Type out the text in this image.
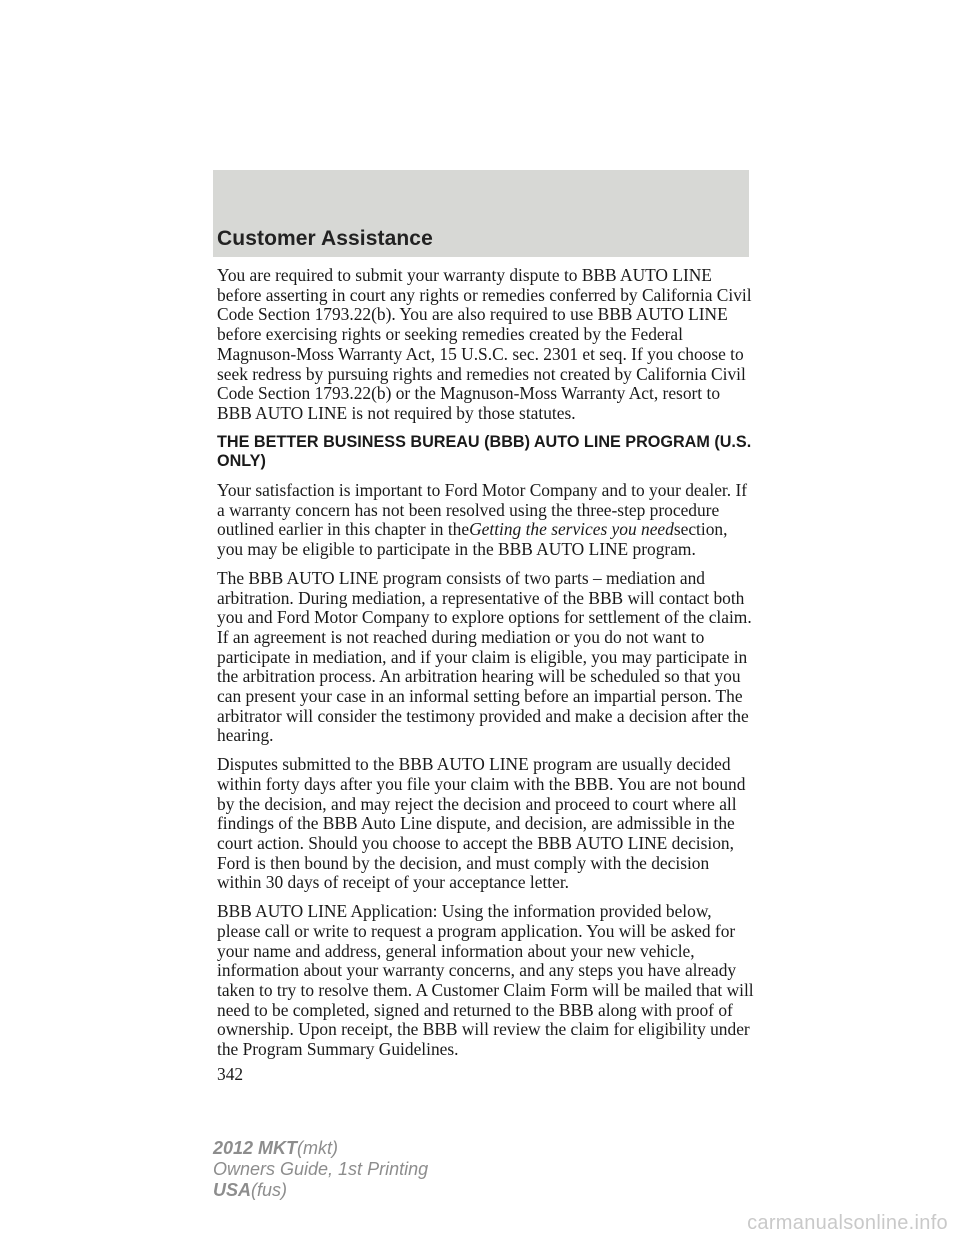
Customer Assistance

You are required to submit your warranty dispute to BBB AUTO LINE before asserting in court any rights or remedies conferred by California Civil Code Section 1793.22(b). You are also required to use BBB AUTO LINE before exercising rights or seeking remedies created by the Federal Magnuson-Moss Warranty Act, 15 U.S.C. sec. 2301 et seq. If you choose to seek redress by pursuing rights and remedies not created by California Civil Code Section 1793.22(b) or the Magnuson-Moss Warranty Act, resort to BBB AUTO LINE is not required by those statutes.

THE BETTER BUSINESS BUREAU (BBB) AUTO LINE PROGRAM (U.S. ONLY)

Your satisfaction is important to Ford Motor Company and to your dealer. If a warranty concern has not been resolved using the three-step procedure outlined earlier in this chapter in theGetting the services you needsection, you may be eligible to participate in the BBB AUTO LINE program.

The BBB AUTO LINE program consists of two parts – mediation and arbitration. During mediation, a representative of the BBB will contact both you and Ford Motor Company to explore options for settlement of the claim. If an agreement is not reached during mediation or you do not want to participate in mediation, and if your claim is eligible, you may participate in the arbitration process. An arbitration hearing will be scheduled so that you can present your case in an informal setting before an impartial person. The arbitrator will consider the testimony provided and make a decision after the hearing.

Disputes submitted to the BBB AUTO LINE program are usually decided within forty days after you file your claim with the BBB. You are not bound by the decision, and may reject the decision and proceed to court where all findings of the BBB Auto Line dispute, and decision, are admissible in the court action. Should you choose to accept the BBB AUTO LINE decision, Ford is then bound by the decision, and must comply with the decision within 30 days of receipt of your acceptance letter.

BBB AUTO LINE Application: Using the information provided below, please call or write to request a program application. You will be asked for your name and address, general information about your new vehicle, information about your warranty concerns, and any steps you have already taken to try to resolve them. A Customer Claim Form will be mailed that will need to be completed, signed and returned to the BBB along with proof of ownership. Upon receipt, the BBB will review the claim for eligibility under the Program Summary Guidelines.

342
2012 MKT(mkt)
Owners Guide, 1st Printing
USA(fus)
carmanualsonline.info
